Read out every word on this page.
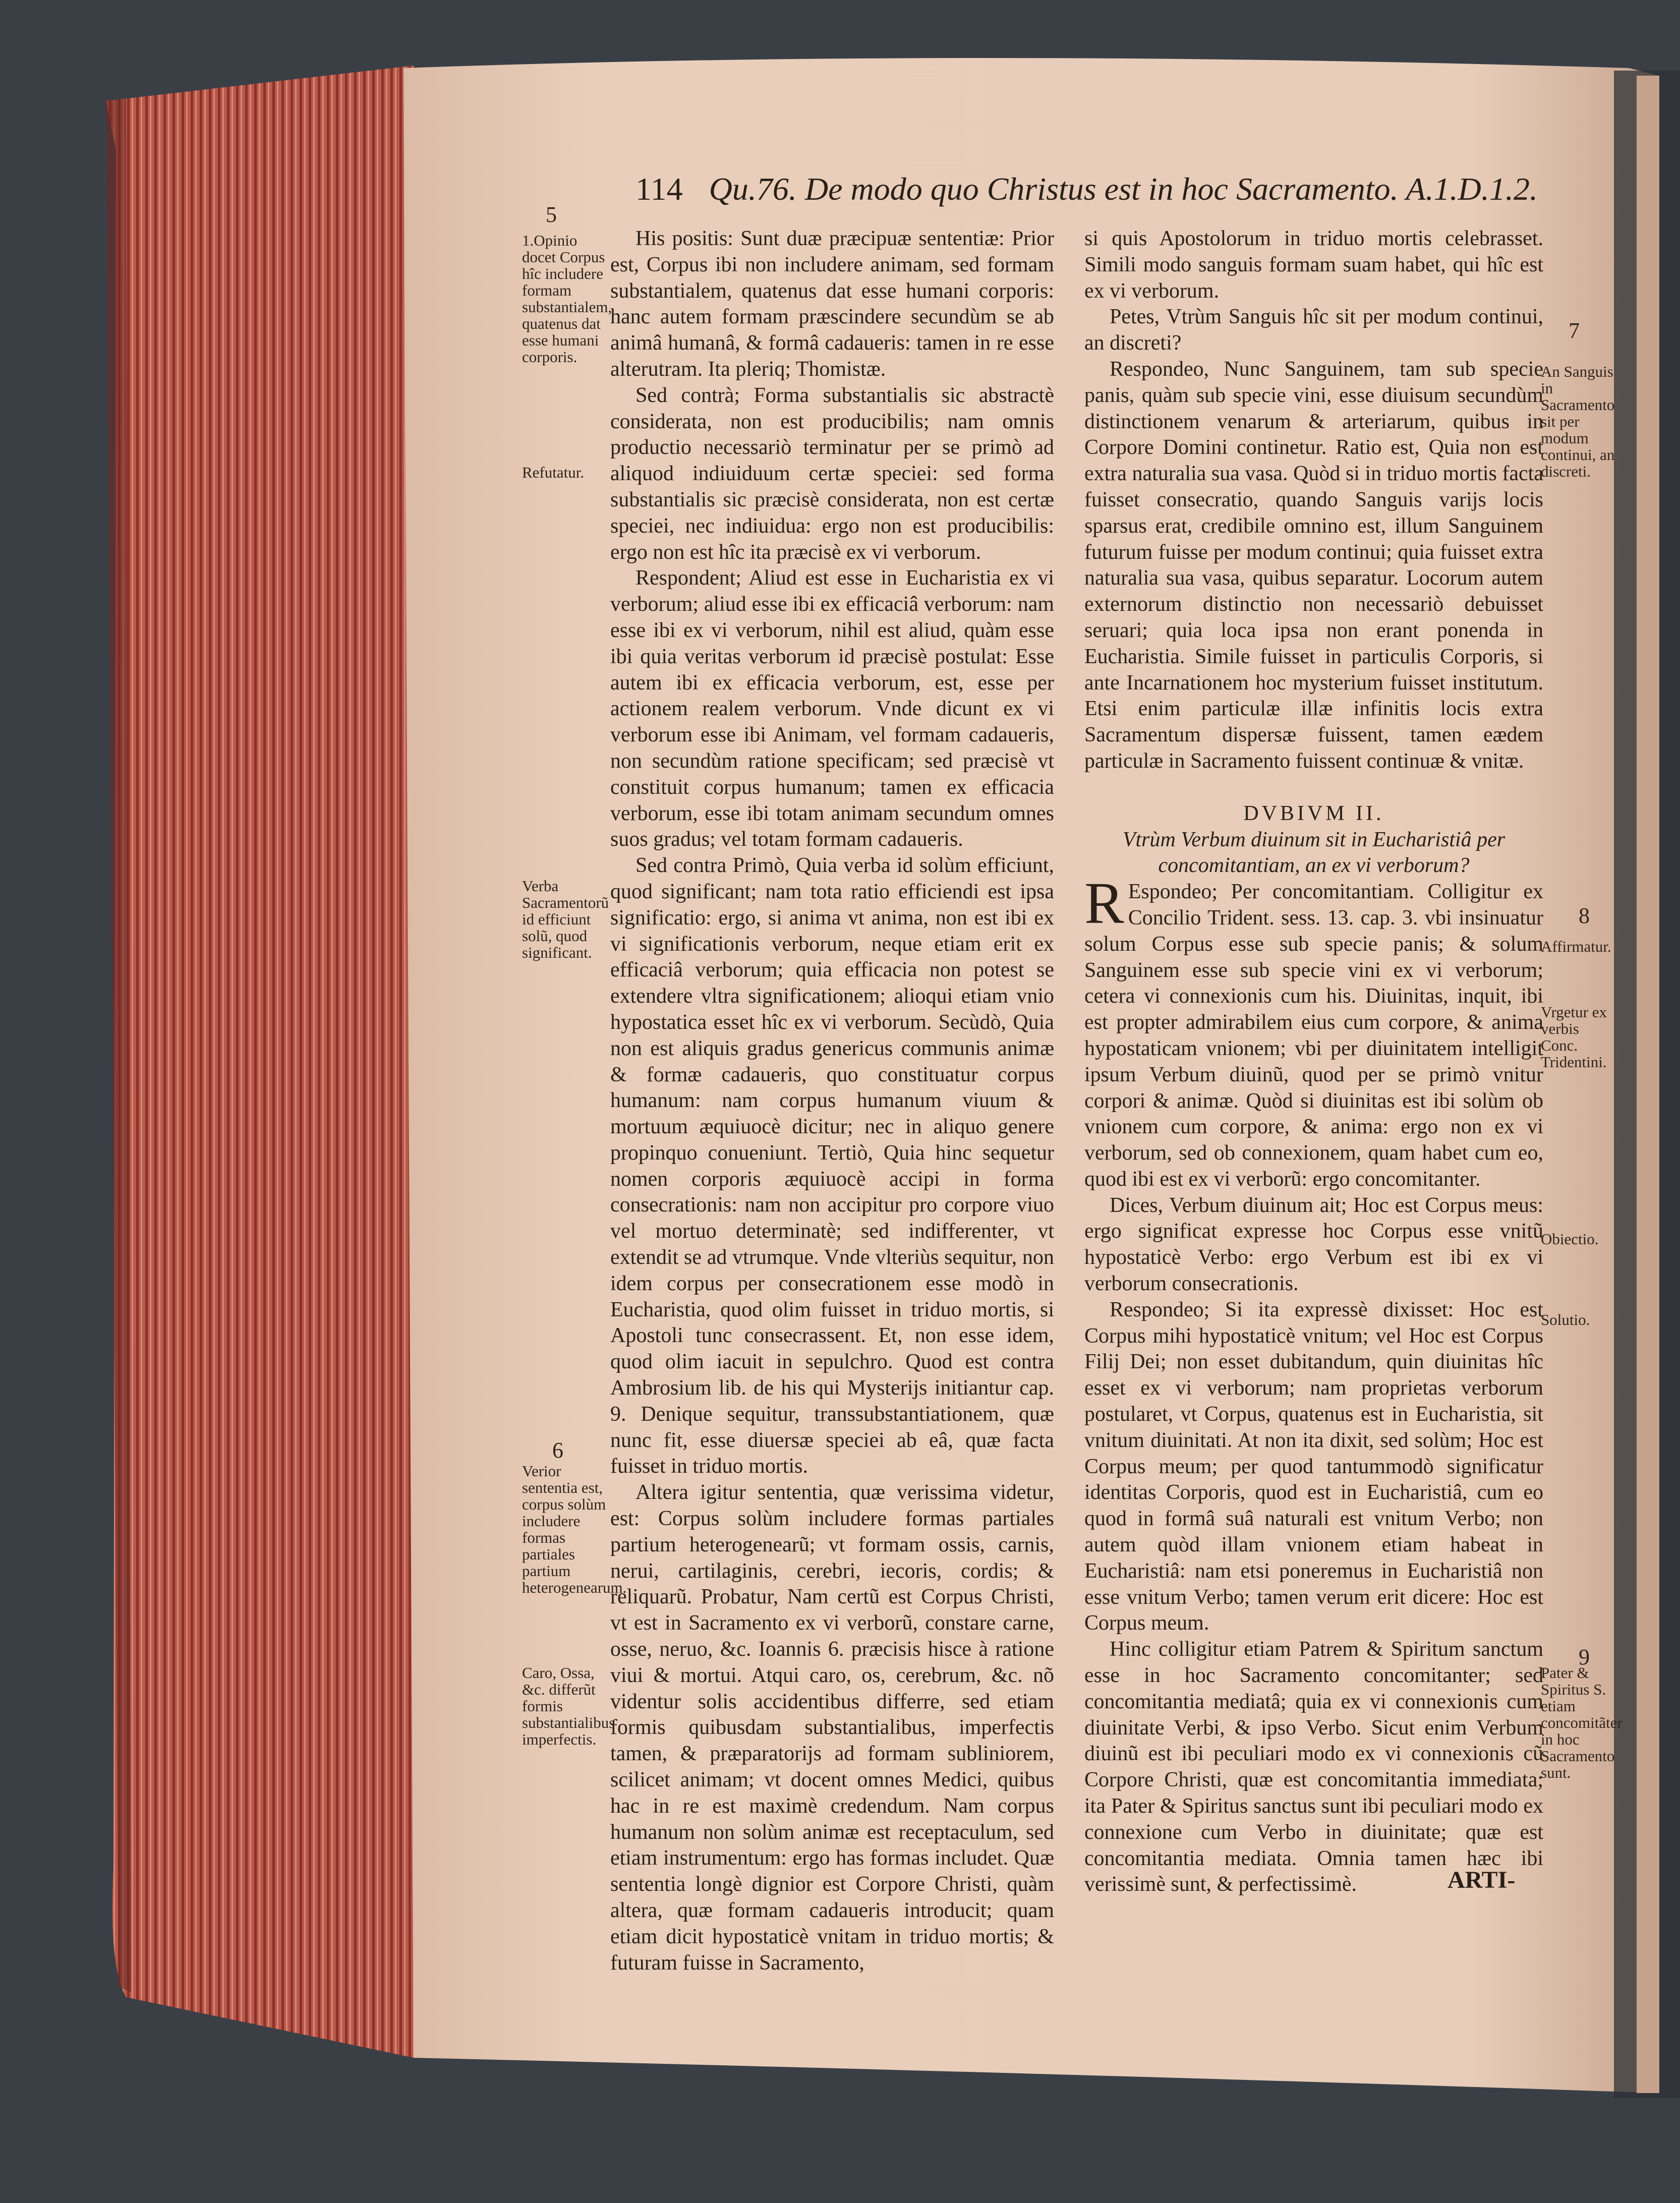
114 Qu.76. De modo quo Christus est in hoc Sacramento. A.1.D.1.2.

His positis: Sunt duæ præcipuæ sententiæ: Prior est, Corpus ibi non includere animam, sed formam substantialem, quatenus dat esse humani corporis: hanc autem formam præscindere secundùm se ab animâ humanâ, & formâ cadaueris: tamen in re esse alterutram. Ita pleriq; Thomistæ.

Sed contrà; Forma substantialis sic abstractè considerata, non est producibilis; nam omnis productio necessariò terminatur per se primò ad aliquod indiuiduum certæ speciei: sed forma substantialis sic præcisè considerata, non est certæ speciei, nec indiuidua: ergo non est producibilis: ergo non est hîc ita præcisè ex vi verborum.

Respondent; Aliud est esse in Eucharistia ex vi verborum; aliud esse ibi ex efficaciâ verborum: nam esse ibi ex vi verborum, nihil est aliud, quàm esse ibi quia veritas verborum id præcisè postulat: Esse autem ibi ex efficacia verborum, est, esse per actionem realem verborum. Vnde dicunt ex vi verborum esse ibi Animam, vel formam cadaueris, non secundùm ratione specificam; sed præcisè vt constituit corpus humanum; tamen ex efficacia verborum, esse ibi totam animam secundum omnes suos gradus; vel totam formam cadaueris.

Sed contra Primò, Quia verba id solùm efficiunt, quod significant; nam tota ratio efficiendi est ipsa significatio: ergo, si anima vt anima, non est ibi ex vi significationis verborum, neque etiam erit ex efficaciâ verborum; quia efficacia non potest se extendere vltra significationem; alioqui etiam vnio hypostatica esset hîc ex vi verborum. Secùdò, Quia non est aliquis gradus genericus communis animæ & formæ cadaueris, quo constituatur corpus humanum: nam corpus humanum viuum & mortuum æquiuocè dicitur; nec in aliquo genere propinquo conueniunt. Tertiò, Quia hinc sequetur nomen corporis æquiuocè accipi in forma consecrationis: nam non accipitur pro corpore viuo vel mortuo determinatè; sed indifferenter, vt extendit se ad vtrumque. Vnde vlteriùs sequitur, non idem corpus per consecrationem esse modò in Eucharistia, quod olim fuisset in triduo mortis, si Apostoli tunc consecrassent. Et, non esse idem, quod olim iacuit in sepulchro. Quod est contra Ambrosium lib. de his qui Mysterijs initiantur cap. 9. Denique sequitur, transsubstantiationem, quæ nunc fit, esse diuersæ speciei ab eâ, quæ facta fuisset in triduo mortis.

Altera igitur sententia, quæ verissima videtur, est: Corpus solùm includere formas partiales partium heterogenearũ; vt formam ossis, carnis, nerui, cartilaginis, cerebri, iecoris, cordis; & reliquarũ. Probatur, Nam certũ est Corpus Christi, vt est in Sacramento ex vi verborũ, constare carne, osse, neruo, &c. Ioannis 6. præcisis hisce à ratione viui & mortui. Atqui caro, os, cerebrum, &c. nõ videntur solis accidentibus differre, sed etiam formis quibusdam substantialibus, imperfectis tamen, & præparatorijs ad formam subliniorem, scilicet animam; vt docent omnes Medici, quibus hac in re est maximè credendum. Nam corpus humanum non solùm animæ est receptaculum, sed etiam instrumentum: ergo has formas includet. Quæ sententia longè dignior est Corpore Christi, quàm altera, quæ formam cadaueris introducit; quam etiam dicit hypostaticè vnitam in triduo mortis; & futuram fuisse in Sacramento,

si quis Apostolorum in triduo mortis celebrasset. Simili modo sanguis formam suam habet, qui hîc est ex vi verborum.

Petes, Vtrùm Sanguis hîc sit per modum continui, an discreti?

Respondeo, Nunc Sanguinem, tam sub specie panis, quàm sub specie vini, esse diuisum secundùm distinctionem venarum & arteriarum, quibus in Corpore Domini continetur. Ratio est, Quia non est extra naturalia sua vasa. Quòd si in triduo mortis facta fuisset consecratio, quando Sanguis varijs locis sparsus erat, credibile omnino est, illum Sanguinem futurum fuisse per modum continui; quia fuisset extra naturalia sua vasa, quibus separatur. Locorum autem externorum distinctio non necessariò debuisset seruari; quia loca ipsa non erant ponenda in Eucharistia. Simile fuisset in particulis Corporis, si ante Incarnationem hoc mysterium fuisset institutum. Etsi enim particulæ illæ infinitis locis extra Sacramentum dispersæ fuissent, tamen eædem particulæ in Sacramento fuissent continuæ & vnitæ.

DVBIVM II.

Vtrùm Verbum diuinum sit in Eucharistiâ per concomitantiam, an ex vi verborum?

R Espondeo; Per concomitantiam. Colligitur ex Concilio Trident. sess. 13. cap. 3. vbi insinuatur solum Corpus esse sub specie panis; & solum Sanguinem esse sub specie vini ex vi verborum; cetera vi connexionis cum his. Diuinitas, inquit, ibi est propter admirabilem eius cum corpore, & anima hypostaticam vnionem; vbi per diuinitatem intelligit ipsum Verbum diuinũ, quod per se primò vnitur corpori & animæ. Quòd si diuinitas est ibi solùm ob vnionem cum corpore, & anima: ergo non ex vi verborum, sed ob connexionem, quam habet cum eo, quod ibi est ex vi verborũ: ergo concomitanter.

Dices, Verbum diuinum ait; Hoc est Corpus meus: ergo significat expresse hoc Corpus esse vnitũ hypostaticè Verbo: ergo Verbum est ibi ex vi verborum consecrationis.

Respondeo; Si ita expressè dixisset: Hoc est Corpus mihi hypostaticè vnitum; vel Hoc est Corpus Filij Dei; non esset dubitandum, quin diuinitas hîc esset ex vi verborum; nam proprietas verborum postularet, vt Corpus, quatenus est in Eucharistia, sit vnitum diuinitati. At non ita dixit, sed solùm; Hoc est Corpus meum; per quod tantummodò significatur identitas Corporis, quod est in Eucharistiâ, cum eo quod in formâ suâ naturali est vnitum Verbo; non autem quòd illam vnionem etiam habeat in Eucharistiâ: nam etsi poneremus in Eucharistiâ non esse vnitum Verbo; tamen verum erit dicere: Hoc est Corpus meum.

Hinc colligitur etiam Patrem & Spiritum sanctum esse in hoc Sacramento concomitanter; sed concomitantia mediatâ; quia ex vi connexionis cum diuinitate Verbi, & ipso Verbo. Sicut enim Verbum diuinũ est ibi peculiari modo ex vi connexionis cũ Corpore Christi, quæ est concomitantia immediata; ita Pater & Spiritus sanctus sunt ibi peculiari modo ex connexione cum Verbo in diuinitate; quæ est concomitantia mediata. Omnia tamen hæc ibi verissimè sunt, & perfectissimè.

5
6
7
8
9
1.Opinio docet Corpus hîc includere formam substantialem, quatenus dat esse humani corporis.
Refutatur.
Verba Sacramentorũ id efficiunt solũ, quod significant.
Verior sententia est, corpus solùm includere formas partiales partium heterogenearum.
Caro, Ossa, &c. differũt formis substantialibus imperfectis.
An Sanguis in Sacramento sit per modum continui, an discreti.
Affirmatur.
Vrgetur ex verbis Conc. Tridentini.
Obiectio.
Solutio.
Pater & Spiritus S. etiam concomitãter in hoc Sacramento sunt.
ARTI-
